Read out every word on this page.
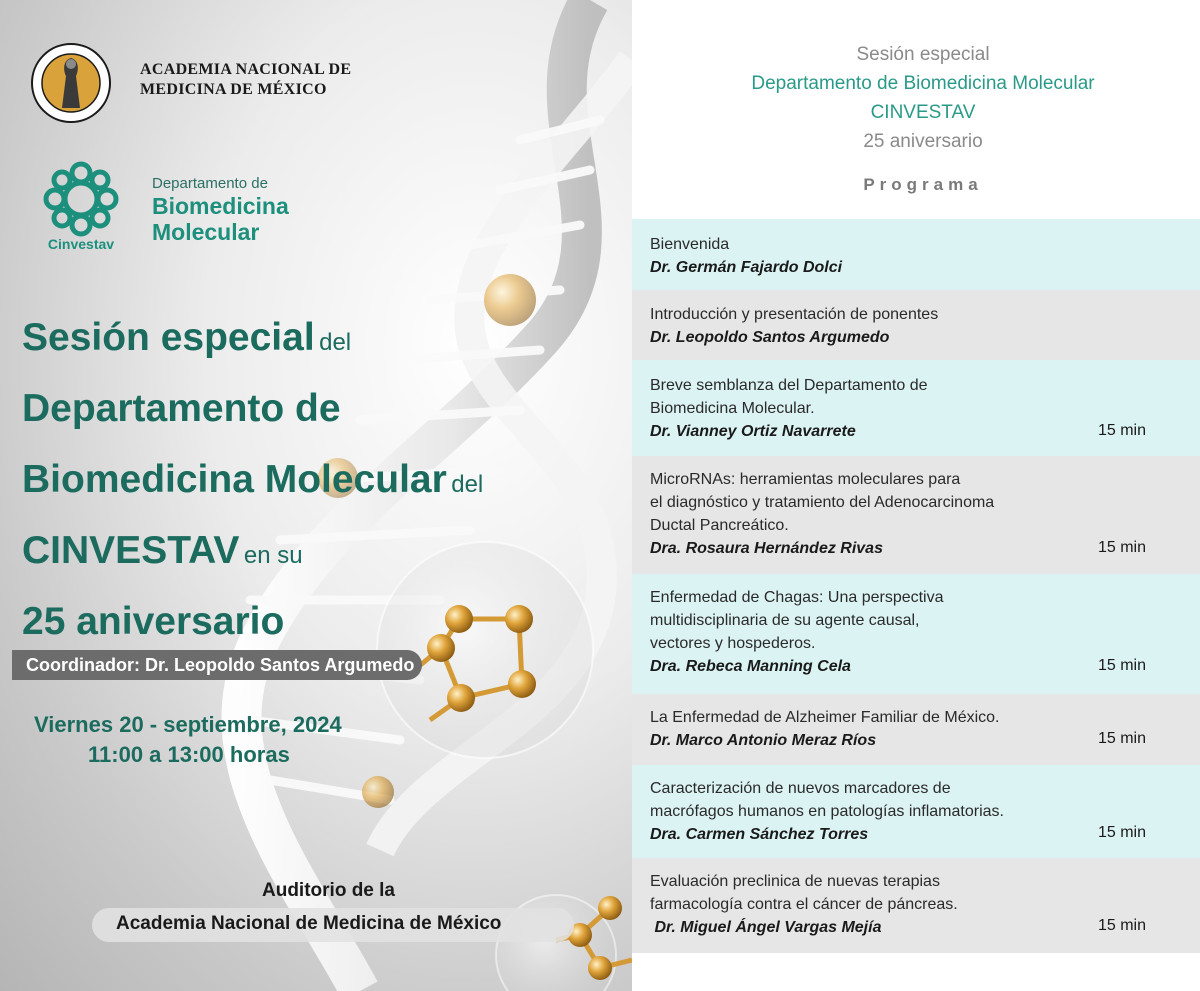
ACADEMIA NACIONAL DE
MEDICINA DE MÉXICO
Cinvestav
Departamento de
Biomedicina
Molecular
Sesión especial del
Departamento de
Biomedicina Molecular del
CINVESTAV en su
25 aniversario
Coordinador: Dr. Leopoldo Santos Argumedo
Viernes 20 - septiembre, 2024
11:00 a 13:00 horas
Auditorio de la
Academia Nacional de Medicina de México
Sesión especial
Departamento de Biomedicina Molecular
CINVESTAV
25 aniversario
Programa
Bienvenida
Dr. Germán Fajardo Dolci
Introducción y presentación de ponentes
Dr. Leopoldo Santos Argumedo
Breve semblanza del Departamento de
Biomedicina Molecular.
Dr. Vianney Ortiz Navarrete	15 min
MicroRNAs: herramientas moleculares para
el diagnóstico y tratamiento del Adenocarcinoma
Ductal Pancreático.
Dra. Rosaura Hernández Rivas	15 min
Enfermedad de Chagas: Una perspectiva
multidisciplinaria de su agente causal,
vectores y hospederos.
Dra. Rebeca Manning Cela	15 min
La Enfermedad de Alzheimer Familiar de México.
Dr. Marco Antonio Meraz Ríos	15 min
Caracterización de nuevos marcadores de
macrófagos humanos en patologías inflamatorias.
Dra. Carmen Sánchez Torres	15 min
Evaluación preclinica de nuevas terapias
farmacología contra el cáncer de páncreas.
Dr. Miguel Ángel Vargas Mejía	15 min
